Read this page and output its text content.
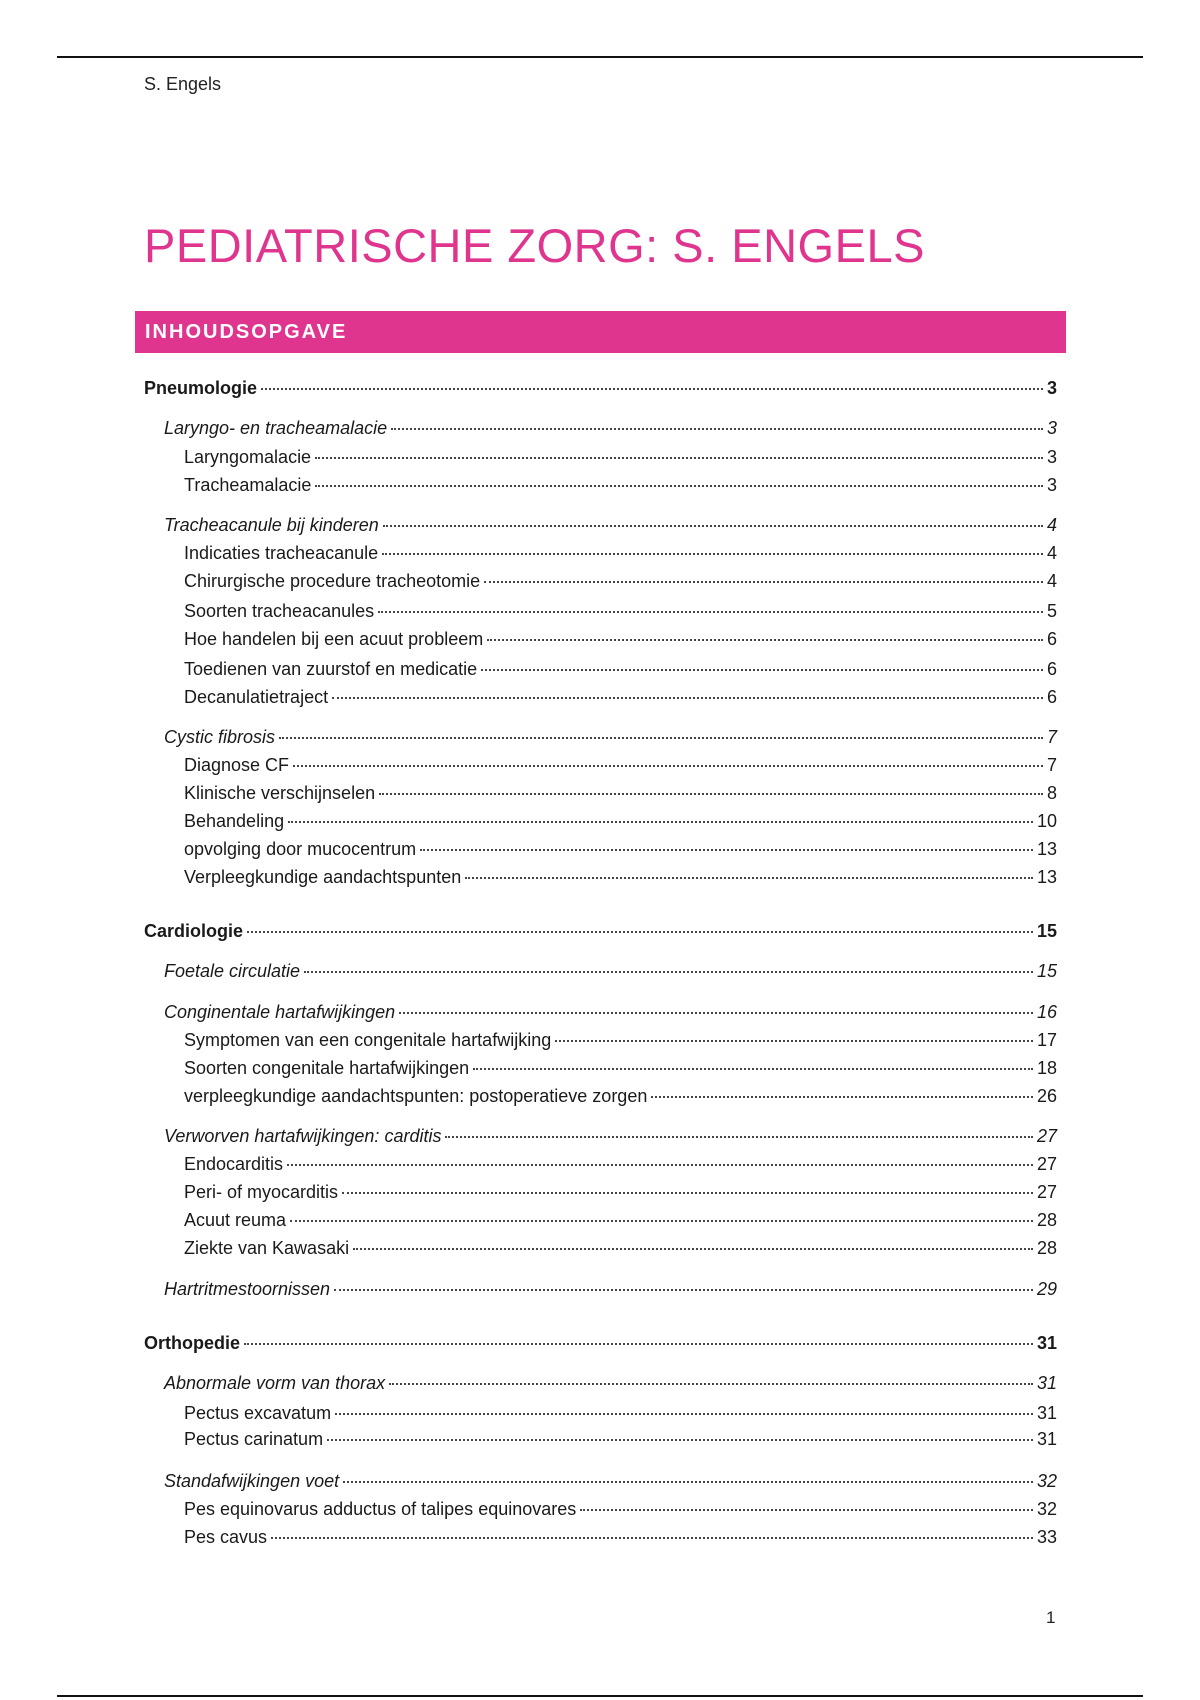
S. Engels
PEDIATRISCHE ZORG: S. ENGELS
INHOUDSOPGAVE
Pneumologie	3
Laryngo- en tracheamalacie	3
Laryngomalacie	3
Tracheamalacie	3
Tracheacanule bij kinderen	4
Indicaties tracheacanule	4
Chirurgische procedure tracheotomie	4
Soorten tracheacanules	5
Hoe handelen bij een acuut probleem	6
Toedienen van zuurstof en medicatie	6
Decanulatietraject	6
Cystic fibrosis	7
Diagnose CF	7
Klinische verschijnselen	8
Behandeling	10
opvolging door mucocentrum	13
Verpleegkundige aandachtspunten	13
Cardiologie	15
Foetale circulatie	15
Conginentale hartafwijkingen	16
Symptomen van een congenitale hartafwijking	17
Soorten congenitale hartafwijkingen	18
verpleegkundige aandachtspunten: postoperatieve zorgen	26
Verworven hartafwijkingen: carditis	27
Endocarditis	27
Peri- of myocarditis	27
Acuut reuma	28
Ziekte van Kawasaki	28
Hartritmestoornissen	29
Orthopedie	31
Abnormale vorm van thorax	31
Pectus excavatum	31
Pectus carinatum	31
Standafwijkingen voet	32
Pes equinovarus adductus of talipes equinovares	32
Pes cavus	33
1
